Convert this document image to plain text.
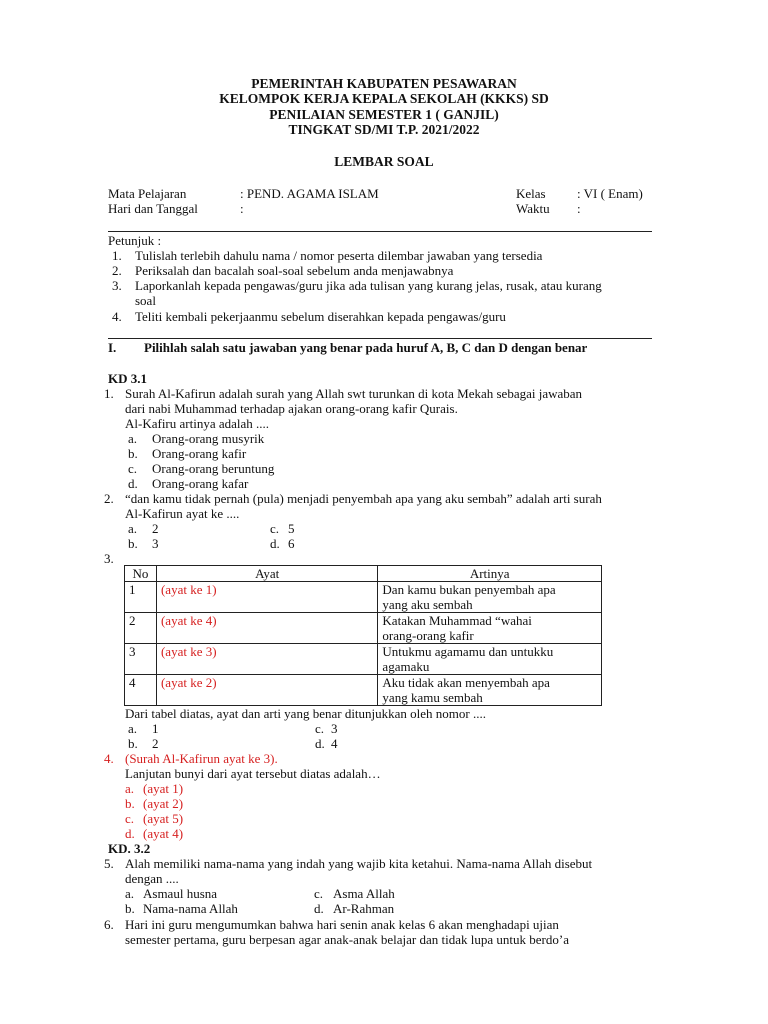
PEMERINTAH KABUPATEN PESAWARAN
KELOMPOK KERJA KEPALA SEKOLAH (KKKS) SD
PENILAIAN SEMESTER 1 ( GANJIL)
TINGKAT SD/MI T.P. 2021/2022
LEMBAR SOAL
Mata Pelajaran	: PEND. AGAMA ISLAM	Kelas : VI ( Enam)
Hari dan Tanggal	:	Waktu :
Petunjuk :
1. Tulislah terlebih dahulu nama / nomor peserta dilembar jawaban yang tersedia
2. Periksalah dan bacalah soal-soal sebelum anda menjawabnya
3. Laporkanlah kepada pengawas/guru jika ada tulisan yang kurang jelas, rusak, atau kurang
soal
4. Teliti kembali pekerjaanmu sebelum diserahkan kepada pengawas/guru
I. Pilihlah salah satu jawaban yang benar pada huruf A, B, C dan D dengan benar
KD 3.1
1. Surah Al-Kafirun adalah surah yang Allah swt turunkan di kota Mekah sebagai jawaban
dari nabi Muhammad terhadap ajakan orang-orang kafir Qurais.
Al-Kafiru artinya adalah ....
a. Orang-orang musyrik
b. Orang-orang kafir
c. Orang-orang beruntung
d. Orang-orang kafar
2. “dan kamu tidak pernah (pula) menjadi penyembah apa yang aku sembah” adalah arti surah
Al-Kafirun ayat ke ....
a. 2	c. 5
b. 3	d. 6
3.
No	Ayat	Artinya
1	(ayat ke 1)	Dan kamu bukan penyembah apa
yang aku sembah
2	(ayat ke 4)	Katakan Muhammad “wahai
orang-orang kafir
3	(ayat ke 3)	Untukmu agamamu dan untukku
agamaku
4	(ayat ke 2)	Aku tidak akan menyembah apa
yang kamu sembah
Dari tabel diatas, ayat dan arti yang benar ditunjukkan oleh nomor ....
a. 1	c. 3
b. 2	d. 4
4. (Surah Al-Kafirun ayat ke 3).
Lanjutan bunyi dari ayat tersebut diatas adalah…
a. (ayat 1)
b. (ayat 2)
c. (ayat 5)
d. (ayat 4)
KD. 3.2
5. Alah memiliki nama-nama yang indah yang wajib kita ketahui. Nama-nama Allah disebut
dengan ....
a. Asmaul husna	c. Asma Allah
b. Nama-nama Allah	d. Ar-Rahman
6. Hari ini guru mengumumkan bahwa hari senin anak kelas 6 akan menghadapi ujian
semester pertama, guru berpesan agar anak-anak belajar dan tidak lupa untuk berdo’a
